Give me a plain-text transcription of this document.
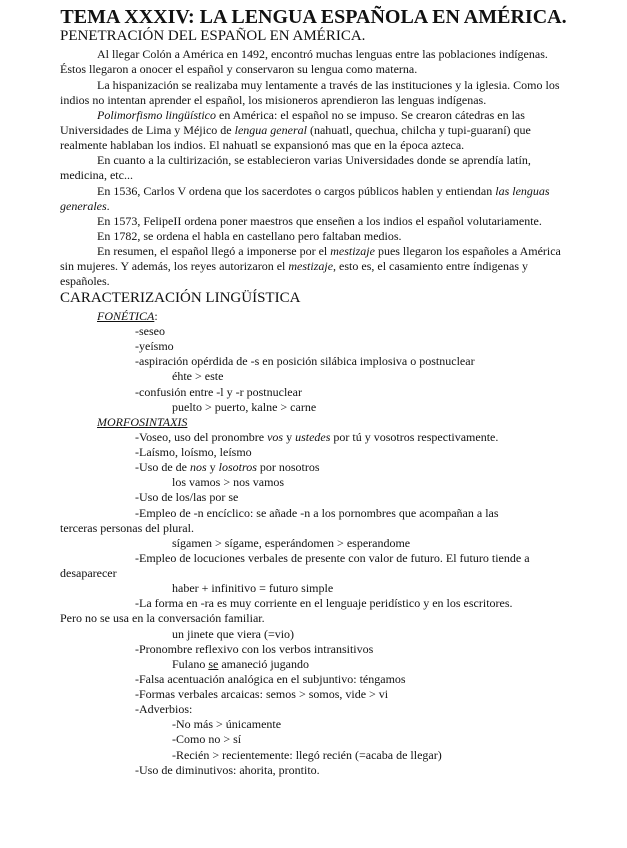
TEMA XXXIV: LA LENGUA ESPAÑOLA EN AMÉRICA.
PENETRACIÓN DEL ESPAÑOL EN AMÉRICA.
Al llegar Colón a América en 1492, encontró muchas lenguas entre las poblaciones indígenas.
Éstos llegaron a onocer el español y conservaron su lengua como materna.
La hispanización se realizaba muy lentamente a través de las instituciones y la iglesia. Como los
indios no intentan aprender el español, los misioneros aprendieron las lenguas indígenas.
Polimorfismo lingüístico en América: el español no se impuso. Se crearon cátedras en las
Universidades de Lima y Méjico de lengua general (nahuatl, quechua, chilcha y tupi-guaraní) que
realmente hablaban los indios. El nahuatl se expansionó mas que en la época azteca.
En cuanto a la cultirización, se establecieron varias Universidades donde se aprendía latín,
medicina, etc...
En 1536, Carlos V ordena que los sacerdotes o cargos públicos hablen y entiendan las lenguas
generales.
En 1573, FelipeII ordena poner maestros que enseñen a los indios el español volutariamente.
En 1782, se ordena el habla en castellano pero faltaban medios.
En resumen, el español llegó a imponerse por el mestizaje pues llegaron los españoles a América
sin mujeres. Y además, los reyes autorizaron el mestizaje, esto es, el casamiento entre índigenas y
españoles.
CARACTERIZACIÓN LINGÜÍSTICA
FONÉTICA:
-seseo
-yeísmo
-aspiración opérdida de -s en posición silábica implosiva o postnuclear
éhte > este
-confusión entre -l y -r postnuclear
puelto > puerto, kalne > carne
MORFOSINTAXIS
-Voseo, uso del pronombre vos y ustedes por tú y vosotros respectivamente.
-Laísmo, loísmo, leísmo
-Uso de de nos y losotros por nosotros
los vamos > nos vamos
-Uso de los/las por se
-Empleo de -n encíclico: se añade -n a los pornombres que acompañan a las
terceras personas del plural.
sígamen > sígame, esperándomen > esperandome
-Empleo de locuciones verbales de presente con valor de futuro. El futuro tiende a
desaparecer
haber + infinitivo = futuro simple
-La forma en -ra es muy corriente en el lenguaje peridístico y en los escritores.
Pero no se usa en la conversación familiar.
un jinete que viera (=vio)
-Pronombre reflexivo con los verbos intransitivos
Fulano se amaneció jugando
-Falsa acentuación analógica en el subjuntivo: téngamos
-Formas verbales arcaicas: semos > somos, vide > vi
-Adverbios:
-No más > únicamente
-Como no > sí
-Recién > recientemente: llegó recién (=acaba de llegar)
-Uso de diminutivos: ahorita, prontito.
